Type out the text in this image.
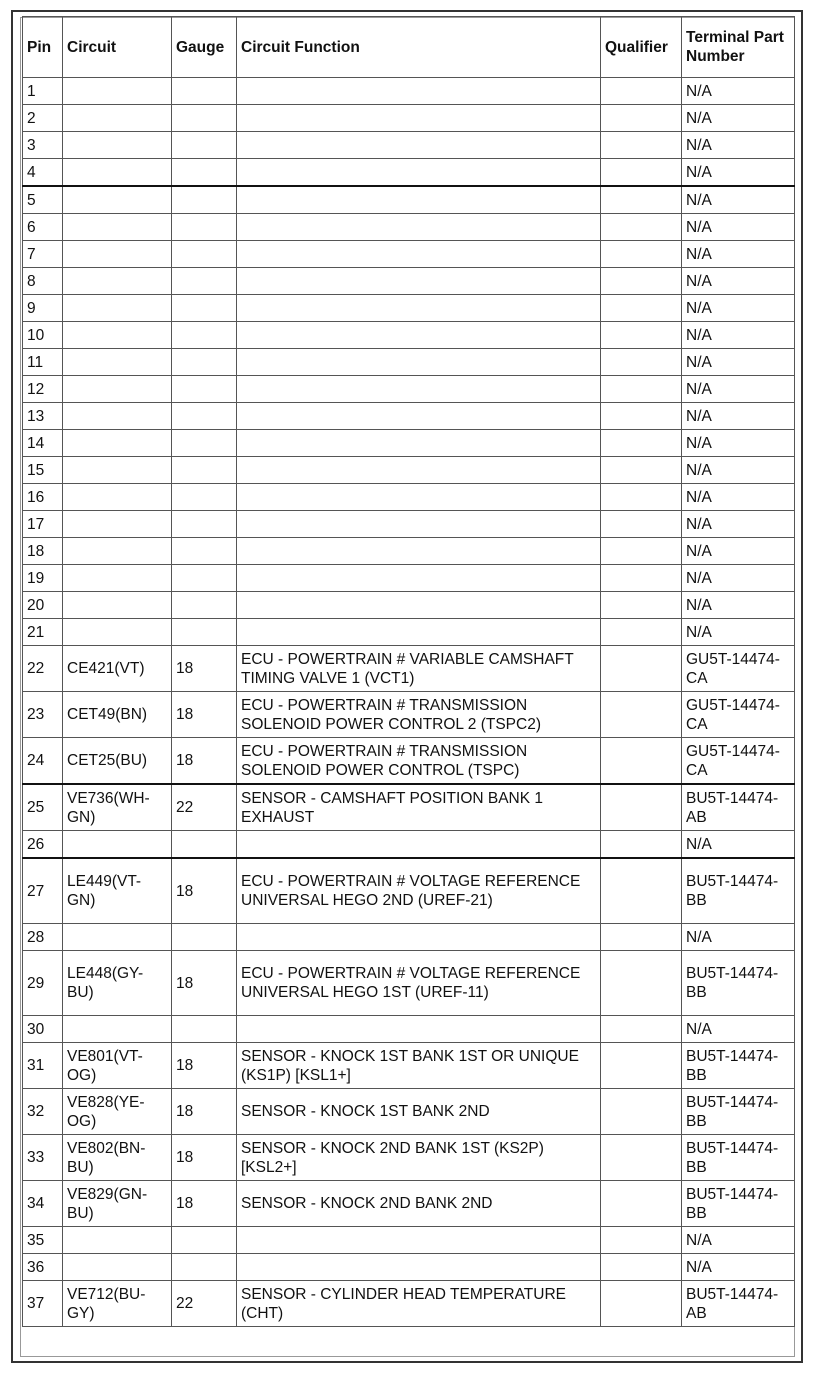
Pin	Circuit	Gauge	Circuit Function	Qualifier	Terminal Part Number
1					N/A
2					N/A
3					N/A
4					N/A
5					N/A
6					N/A
7					N/A
8					N/A
9					N/A
10					N/A
11					N/A
12					N/A
13					N/A
14					N/A
15					N/A
16					N/A
17					N/A
18					N/A
19					N/A
20					N/A
21					N/A
22	CE421(VT)	18	ECU - POWERTRAIN # VARIABLE CAMSHAFT TIMING VALVE 1 (VCT1)		GU5T-14474-CA
23	CET49(BN)	18	ECU - POWERTRAIN # TRANSMISSION SOLENOID POWER CONTROL 2 (TSPC2)		GU5T-14474-CA
24	CET25(BU)	18	ECU - POWERTRAIN # TRANSMISSION SOLENOID POWER CONTROL (TSPC)		GU5T-14474-CA
25	VE736(WH-GN)	22	SENSOR - CAMSHAFT POSITION BANK 1 EXHAUST		BU5T-14474-AB
26					N/A
27	LE449(VT-GN)	18	ECU - POWERTRAIN # VOLTAGE REFERENCE UNIVERSAL HEGO 2ND (UREF-21)		BU5T-14474-BB
28					N/A
29	LE448(GY-BU)	18	ECU - POWERTRAIN # VOLTAGE REFERENCE UNIVERSAL HEGO 1ST (UREF-11)		BU5T-14474-BB
30					N/A
31	VE801(VT-OG)	18	SENSOR - KNOCK 1ST BANK 1ST OR UNIQUE (KS1P) [KSL1+]		BU5T-14474-BB
32	VE828(YE-OG)	18	SENSOR - KNOCK 1ST BANK 2ND		BU5T-14474-BB
33	VE802(BN-BU)	18	SENSOR - KNOCK 2ND BANK 1ST (KS2P) [KSL2+]		BU5T-14474-BB
34	VE829(GN-BU)	18	SENSOR - KNOCK 2ND BANK 2ND		BU5T-14474-BB
35					N/A
36					N/A
37	VE712(BU-GY)	22	SENSOR - CYLINDER HEAD TEMPERATURE (CHT)		BU5T-14474-AB
